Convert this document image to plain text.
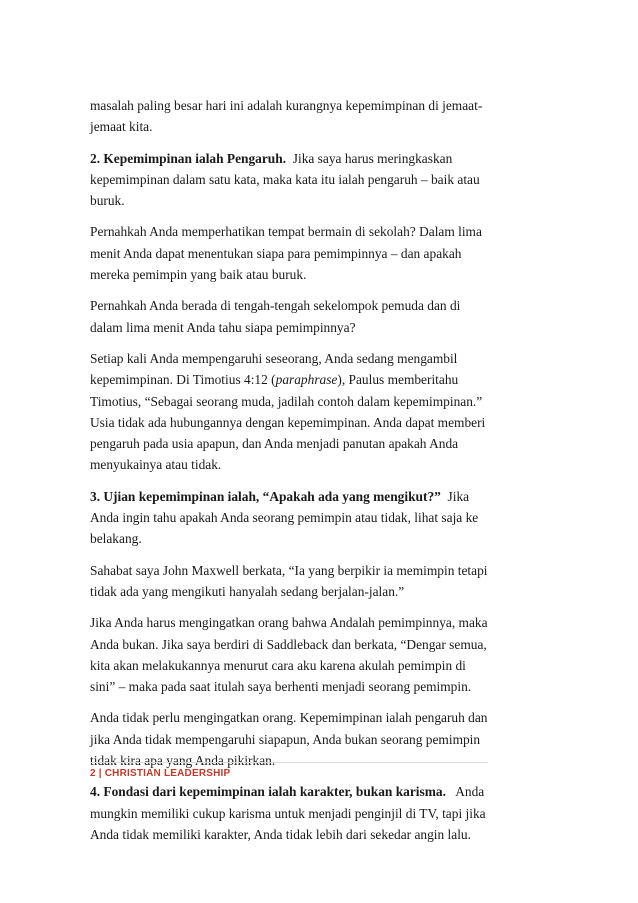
masalah paling besar hari ini adalah kurangnya kepemimpinan di jemaat-jemaat kita.

2. Kepemimpinan ialah Pengaruh.  Jika saya harus meringkaskan kepemimpinan dalam satu kata, maka kata itu ialah pengaruh – baik atau buruk.

Pernahkah Anda memperhatikan tempat bermain di sekolah? Dalam lima menit Anda dapat menentukan siapa para pemimpinnya – dan apakah mereka pemimpin yang baik atau buruk.

Pernahkah Anda berada di tengah-tengah sekelompok pemuda dan di dalam lima menit Anda tahu siapa pemimpinnya?

Setiap kali Anda mempengaruhi seseorang, Anda sedang mengambil kepemimpinan. Di Timotius 4:12 (paraphrase), Paulus memberitahu Timotius, “Sebagai seorang muda, jadilah contoh dalam kepemimpinan.” Usia tidak ada hubungannya dengan kepemimpinan. Anda dapat memberi pengaruh pada usia apapun, dan Anda menjadi panutan apakah Anda menyukainya atau tidak.

3. Ujian kepemimpinan ialah, “Apakah ada yang mengikut?”  Jika Anda ingin tahu apakah Anda seorang pemimpin atau tidak, lihat saja ke belakang.

Sahabat saya John Maxwell berkata, “Ia yang berpikir ia memimpin tetapi tidak ada yang mengikuti hanyalah sedang berjalan-jalan.”

Jika Anda harus mengingatkan orang bahwa Andalah pemimpinnya, maka Anda bukan. Jika saya berdiri di Saddleback dan berkata, “Dengar semua, kita akan melakukannya menurut cara aku karena akulah pemimpin di sini” – maka pada saat itulah saya berhenti menjadi seorang pemimpin.

Anda tidak perlu mengingatkan orang. Kepemimpinan ialah pengaruh dan jika Anda tidak mempengaruhi siapapun, Anda bukan seorang pemimpin tidak kira apa yang Anda pikirkan.

4. Fondasi dari kepemimpinan ialah karakter, bukan karisma.   Anda mungkin memiliki cukup karisma untuk menjadi penginjil di TV, tapi jika Anda tidak memiliki karakter, Anda tidak lebih dari sekedar angin lalu.

2 | CHRISTIAN LEADERSHIP
